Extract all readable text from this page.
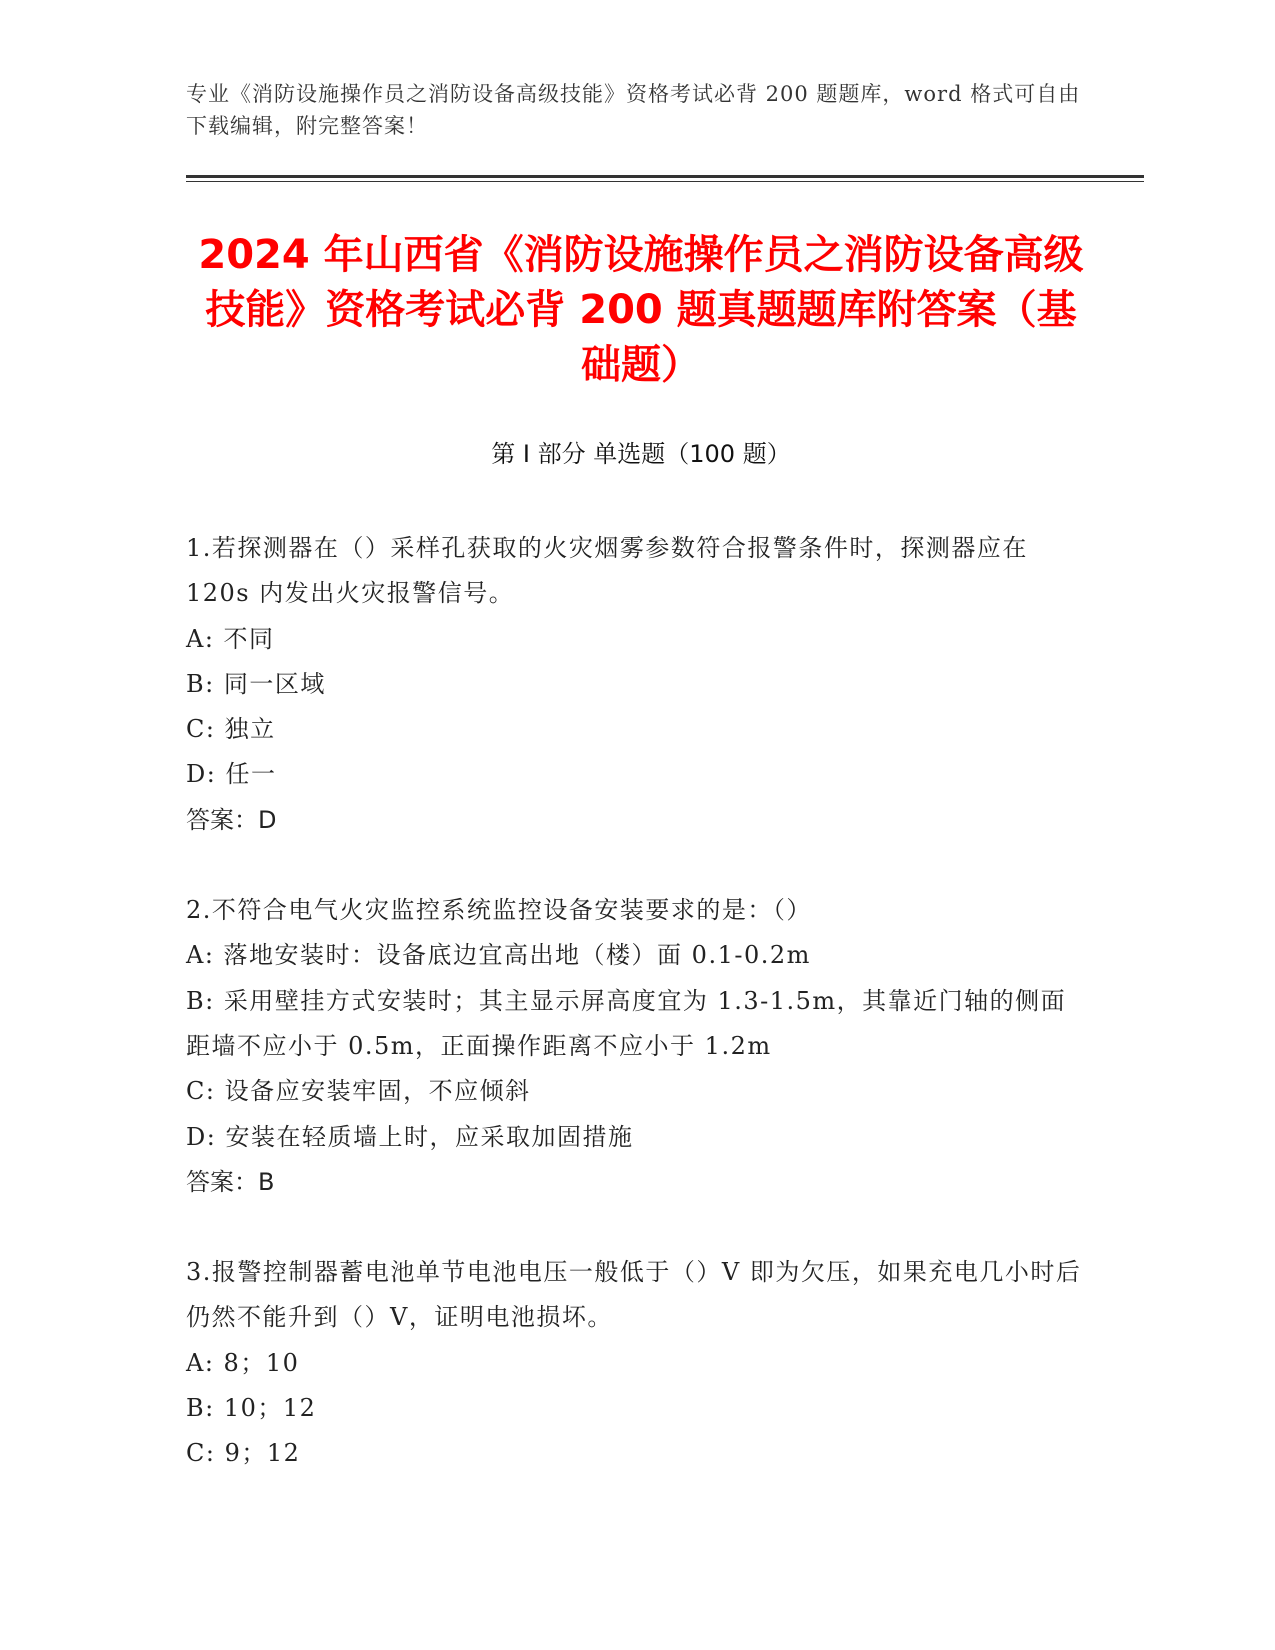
专业《消防设施操作员之消防设备高级技能》资格考试必背 200 题题库，word 格式可自由下载编辑，附完整答案！
2024 年山西省《消防设施操作员之消防设备高级技能》资格考试必背 200 题真题题库附答案（基础题）
第 I 部分 单选题（100 题）

1.若探测器在（）采样孔获取的火灾烟雾参数符合报警条件时，探测器应在 120s 内发出火灾报警信号。

A: 不同

B: 同一区域

C: 独立

D: 任一

答案：D

2.不符合电气火灾监控系统监控设备安装要求的是：（）

A: 落地安装时：设备底边宜高出地（楼）面 0.1-0.2m

B: 采用壁挂方式安装时；其主显示屏高度宜为 1.3-1.5m，其靠近门轴的侧面距墙不应小于 0.5m，正面操作距离不应小于 1.2m

C: 设备应安装牢固，不应倾斜

D: 安装在轻质墙上时，应采取加固措施

答案：B

3.报警控制器蓄电池单节电池电压一般低于（）V 即为欠压，如果充电几小时后仍然不能升到（）V，证明电池损坏。

A: 8；10

B: 10；12

C: 9；12
